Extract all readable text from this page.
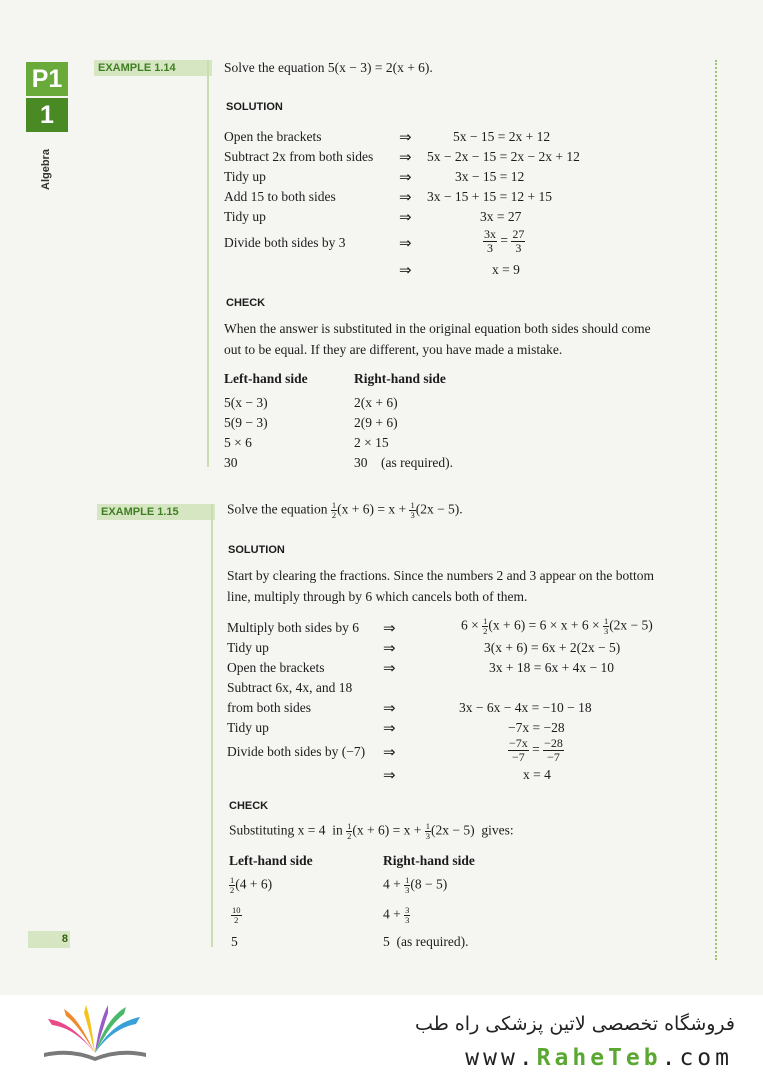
P1
1
Algebra
EXAMPLE 1.14	Solve the equation 5(x − 3) = 2(x + 6).
SOLUTION
Open the brackets	⇒	5x − 15 = 2x + 12
Subtract 2x from both sides ⇒ 5x − 2x − 15 = 2x − 2x + 12
Tidy up	⇒	3x − 15 = 12
Add 15 to both sides	⇒ 3x − 15 + 15 = 12 + 15
Tidy up	⇒	3x = 27
Divide both sides by 3	⇒	$\frac{3x}{3} = \frac{27}{3}$
⇒	x = 9
CHECK
When the answer is substituted in the original equation both sides should come
out to be equal. If they are different, you have made a mistake.
Left-hand side	Right-hand side
5(x − 3)	2(x + 6)
5(9 − 3)	2(9 + 6)
5 × 6	2 × 15
30	30    (as required).
EXAMPLE 1.15	Solve the equation $\frac{1}{2} (x + 6) = x + \frac{1}{3} (2x - 5)$.
SOLUTION
Start by clearing the fractions. Since the numbers 2 and 3 appear on the bottom
line, multiply through by 6 which cancels both of them.
Multiply both sides by 6 ⇒	$6 \times \frac{1}{2} (x + 6) = 6 \times x + 6 \times \frac{1}{3} (2x - 5)$
Tidy up	⇒	3(x + 6) = 6x + 2(2x − 5)
Open the brackets	⇒	3x + 18 = 6x + 4x − 10
Subtract 6x, 4x, and 18
from both sides	⇒	3x − 6x − 4x = −10 − 18
Tidy up	⇒	−7x = −28
Divide both sides by (−7) ⇒	$\frac{-7x}{-7} = \frac{-28}{-7}$
⇒	x = 4
CHECK
Substituting x = 4  in $\frac{1}{2} (x + 6) = x + \frac{1}{3} (2x - 5)$  gives:
Left-hand side	Right-hand side
$\frac{1}{2} (4 + 6)$	$4 + \frac{1}{3} (8 - 5)$
$\frac{10}{2}$	$4 + \frac{3}{3}$
5	5  (as required).
8
فروشگاه تخصصی لاتین پزشکی راه طب
www.RaheTeb.com
